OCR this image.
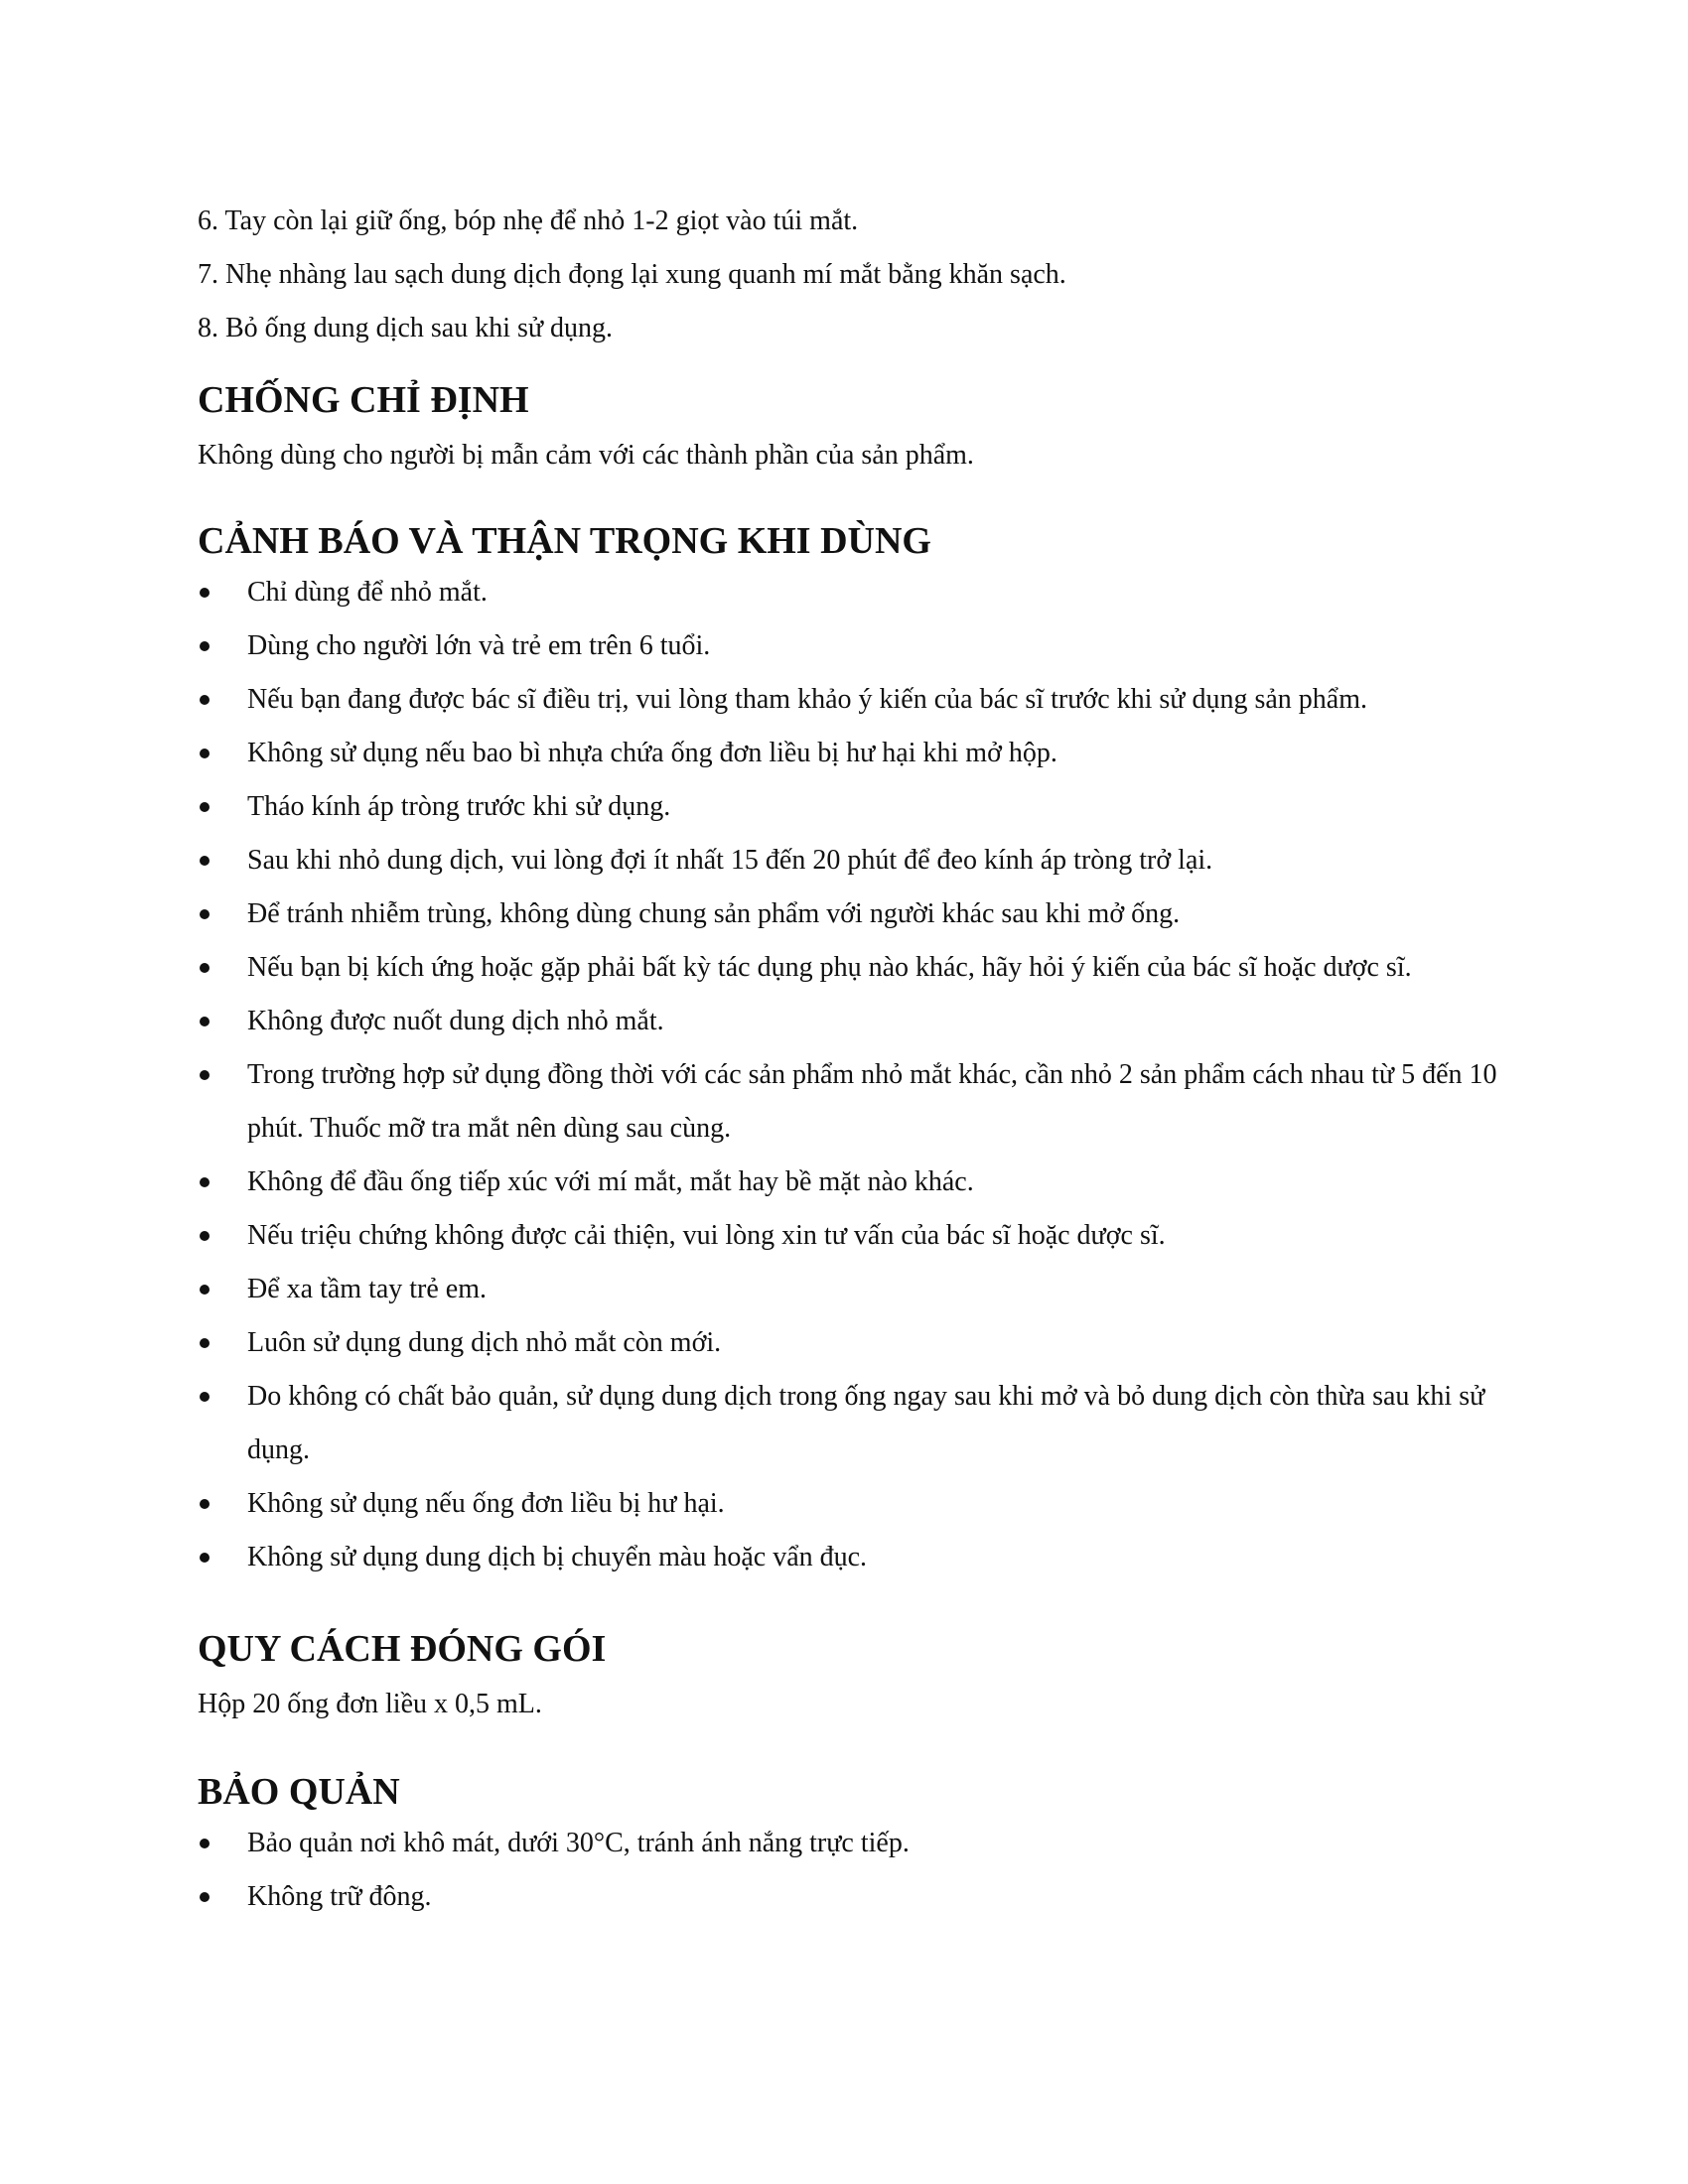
6. Tay còn lại giữ ống, bóp nhẹ để nhỏ 1-2 giọt vào túi mắt.

7. Nhẹ nhàng lau sạch dung dịch đọng lại xung quanh mí mắt bằng khăn sạch.

8. Bỏ ống dung dịch sau khi sử dụng.

CHỐNG CHỈ ĐỊNH

Không dùng cho người bị mẫn cảm với các thành phần của sản phẩm.

CẢNH BÁO VÀ THẬN TRỌNG KHI DÙNG
Chỉ dùng để nhỏ mắt.
Dùng cho người lớn và trẻ em trên 6 tuổi.
Nếu bạn đang được bác sĩ điều trị, vui lòng tham khảo ý kiến của bác sĩ trước khi sử dụng sản phẩm.
Không sử dụng nếu bao bì nhựa chứa ống đơn liều bị hư hại khi mở hộp.
Tháo kính áp tròng trước khi sử dụng.
Sau khi nhỏ dung dịch, vui lòng đợi ít nhất 15 đến 20 phút để đeo kính áp tròng trở lại.
Để tránh nhiễm trùng, không dùng chung sản phẩm với người khác sau khi mở ống.
Nếu bạn bị kích ứng hoặc gặp phải bất kỳ tác dụng phụ nào khác, hãy hỏi ý kiến của bác sĩ hoặc dược sĩ.
Không được nuốt dung dịch nhỏ mắt.
Trong trường hợp sử dụng đồng thời với các sản phẩm nhỏ mắt khác, cần nhỏ 2 sản phẩm cách nhau từ 5 đến 10 phút. Thuốc mỡ tra mắt nên dùng sau cùng.
Không để đầu ống tiếp xúc với mí mắt, mắt hay bề mặt nào khác.
Nếu triệu chứng không được cải thiện, vui lòng xin tư vấn của bác sĩ hoặc dược sĩ.
Để xa tầm tay trẻ em.
Luôn sử dụng dung dịch nhỏ mắt còn mới.
Do không có chất bảo quản, sử dụng dung dịch trong ống ngay sau khi mở và bỏ dung dịch còn thừa sau khi sử dụng.
Không sử dụng nếu ống đơn liều bị hư hại.
Không sử dụng dung dịch bị chuyển màu hoặc vẩn đục.
QUY CÁCH ĐÓNG GÓI

Hộp 20 ống đơn liều x 0,5 mL.

BẢO QUẢN
Bảo quản nơi khô mát, dưới 30°C, tránh ánh nắng trực tiếp.
Không trữ đông.
